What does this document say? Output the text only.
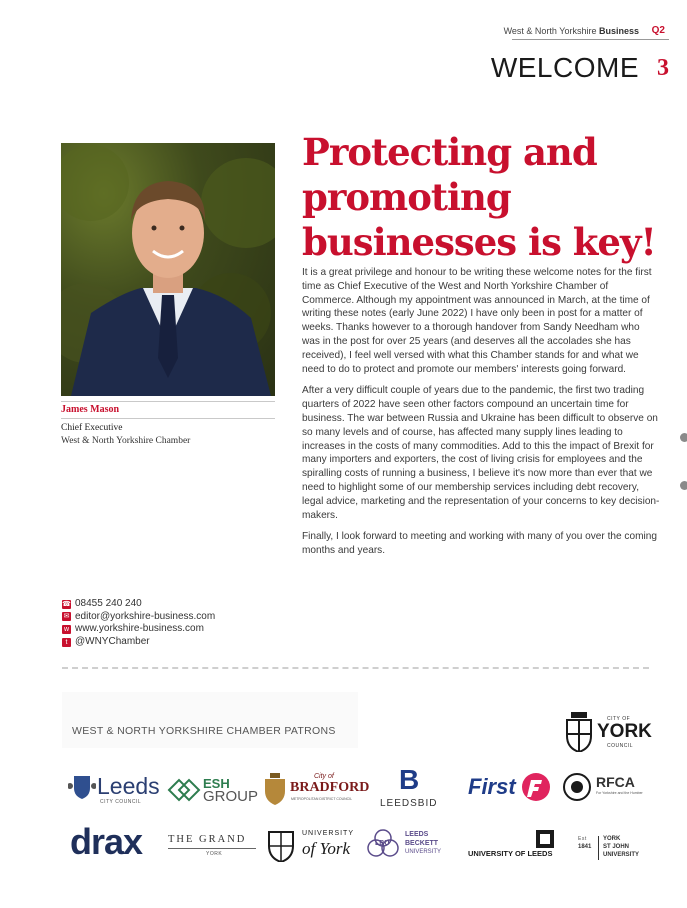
West & North Yorkshire Business Q2
WELCOME 3
James Mason
Chief Executive
West & North Yorkshire Chamber
Protecting and
promoting
businesses is key!

It is a great privilege and honour to be writing these welcome notes for the first time as Chief Executive of the West and North Yorkshire Chamber of Commerce. Although my appointment was announced in March, at the time of writing these notes (early June 2022) I have only been in post for a matter of weeks. Thanks however to a thorough handover from Sandy Needham who was in the post for over 25 years (and deserves all the accolades she has received), I feel well versed with what this Chamber stands for and what we need to do to protect and promote our members' interests going forward.

After a very difficult couple of years due to the pandemic, the first two trading quarters of 2022 have seen other factors compound an uncertain time for business. The war between Russia and Ukraine has been difficult to observe on so many levels and of course, has affected many supply lines leading to increases in the costs of many commodities. Add to this the impact of Brexit for many importers and exporters, the cost of living crisis for employees and the spiralling costs of running a business, I believe it's now more than ever that we need to highlight some of our membership services including debt recovery, legal advice, marketing and the representation of your concerns to key decision-makers.

Finally, I look forward to meeting and working with many of you over the coming months and years.

☎ 08455 240 240
✉ editor@yorkshire-business.com
w www.yorkshire-business.com
t @WNYChamber
WEST & NORTH YORKSHIRE CHAMBER PATRONS
CITY OF
YORK
COUNCIL
Leeds
CITY COUNCIL
ESH
GROUP
City of
BRADFORD
METROPOLITAN DISTRICT COUNCIL
B
LEEDSBID
First	RFCA
For Yorkshire and the Humber
drax THE GRAND
YORK
UNIVERSITY
of York	LBU
LEEDS
BECKETT
UNIVERSITY	UNIVERSITY OF LEEDS
Est
1841
YORK
ST JOHN
UNIVERSITY
